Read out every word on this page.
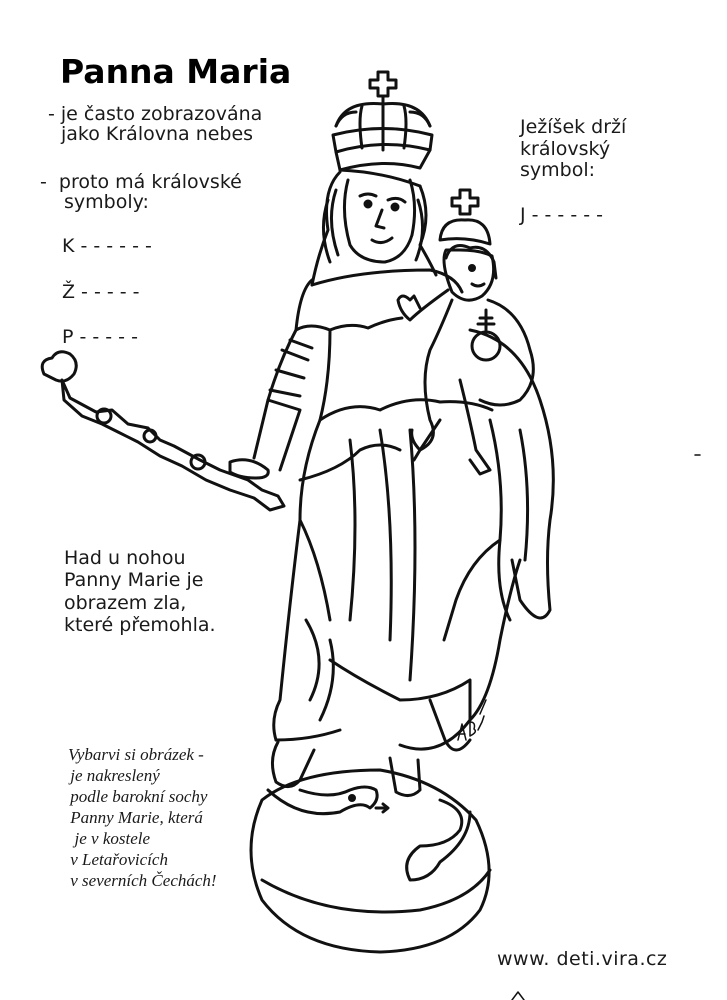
Panna Maria
- je často zobrazována
jako Královna nebes
-  proto má královské
symboly:
K - - - - - -
Ž - - - - -
P - - - - -
Ježíšek drží
královský
symbol:
J - - - - - -
Had u nohou
Panny Marie je
obrazem zla,
které přemohla.
Vybarvi si obrázek -
je nakreslený
podle barokní sochy
Panny Marie, která
je v kostele
v Letařovicích
v severních Čechách!
www. deti.vira.cz
